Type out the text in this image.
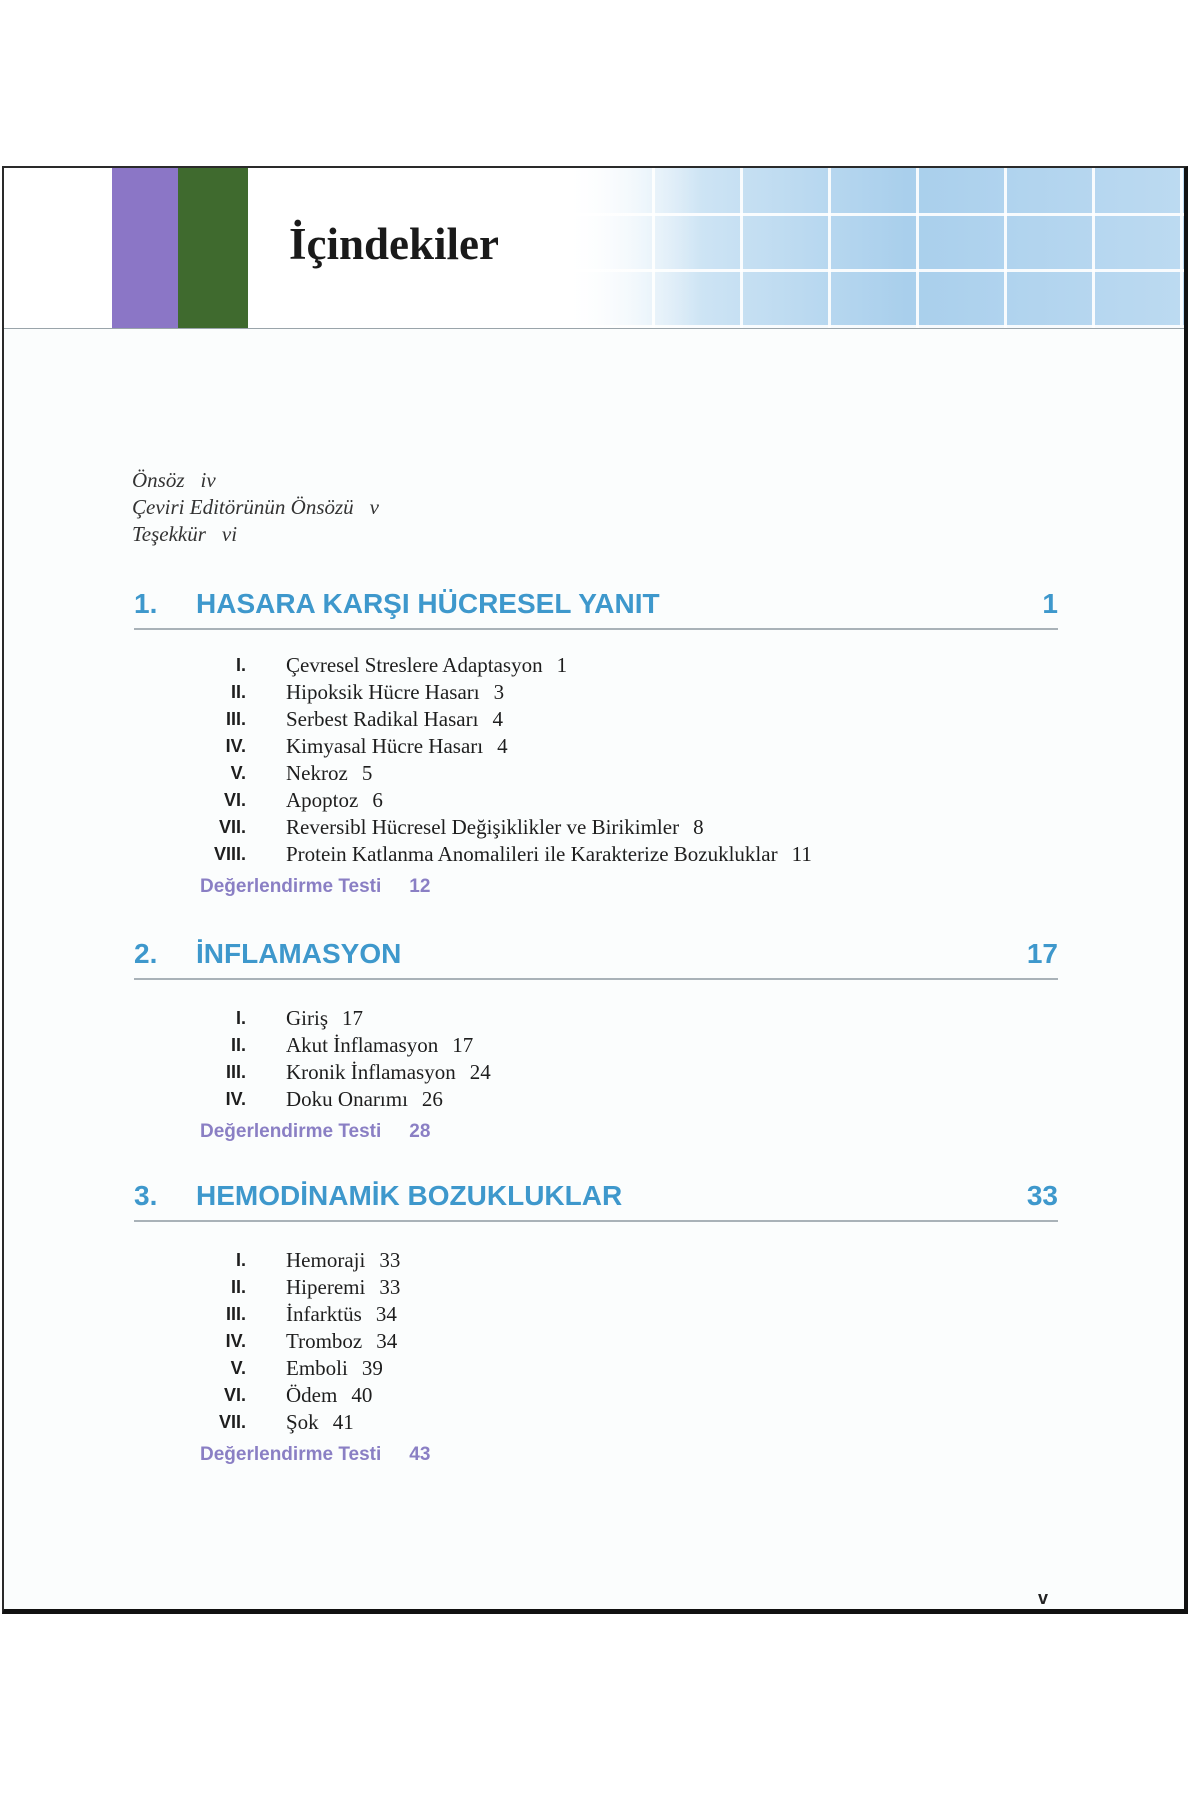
İçindekiler
Önsöz iv
Çeviri Editörünün Önsözü v
Teşekkür vi
1. HASARA KARŞI HÜCRESEL YANIT	1
I. Çevresel Streslere Adaptasyon 1
II. Hipoksik Hücre Hasarı 3
III. Serbest Radikal Hasarı 4
IV. Kimyasal Hücre Hasarı 4
V. Nekroz 5
VI. Apoptoz 6
VII. Reversibl Hücresel Değişiklikler ve Birikimler 8
VIII. Protein Katlanma Anomalileri ile Karakterize Bozukluklar 11
Değerlendirme Testi 12
2. İNFLAMASYON	17
I. Giriş 17
II. Akut İnflamasyon 17
III. Kronik İnflamasyon 24
IV. Doku Onarımı 26
Değerlendirme Testi 28
3. HEMODİNAMİK BOZUKLUKLAR	33
I. Hemoraji 33
II. Hiperemi 33
III. İnfarktüs 34
IV. Tromboz 34
V. Emboli 39
VI. Ödem 40
VII. Şok 41
Değerlendirme Testi 43
v
